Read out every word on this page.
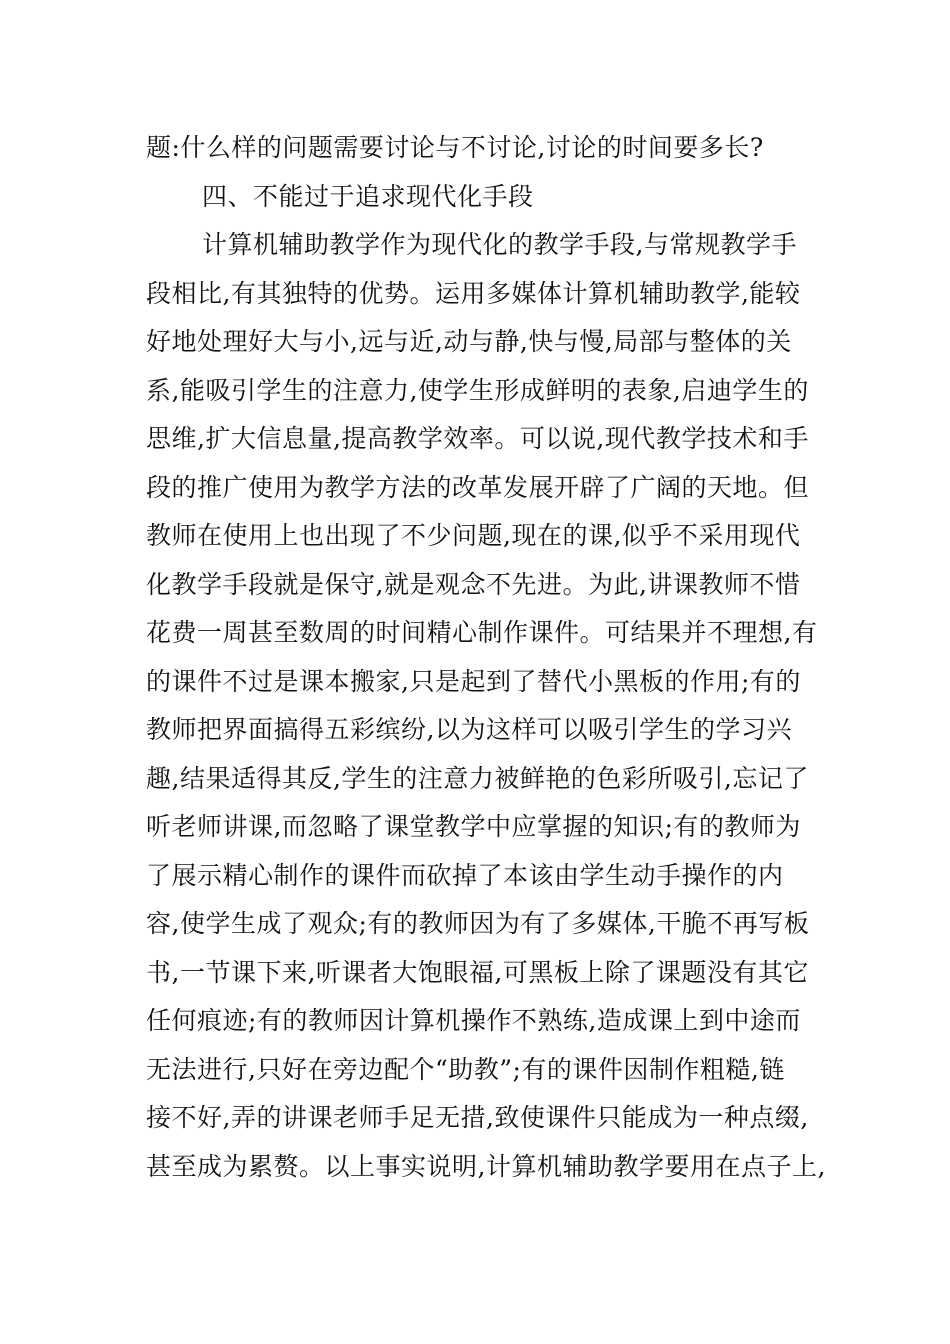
题:什么样的问题需要讨论与不讨论,讨论的时间要多长?
四、不能过于追求现代化手段
计算机辅助教学作为现代化的教学手段,与常规教学手
段相比,有其独特的优势。运用多媒体计算机辅助教学,能较
好地处理好大与小,远与近,动与静,快与慢,局部与整体的关
系,能吸引学生的注意力,使学生形成鲜明的表象,启迪学生的
思维,扩大信息量,提高教学效率。可以说,现代教学技术和手
段的推广使用为教学方法的改革发展开辟了广阔的天地。但
教师在使用上也出现了不少问题,现在的课,似乎不采用现代
化教学手段就是保守,就是观念不先进。为此,讲课教师不惜
花费一周甚至数周的时间精心制作课件。可结果并不理想,有
的课件不过是课本搬家,只是起到了替代小黑板的作用;有的
教师把界面搞得五彩缤纷,以为这样可以吸引学生的学习兴
趣,结果适得其反,学生的注意力被鲜艳的色彩所吸引,忘记了
听老师讲课,而忽略了课堂教学中应掌握的知识;有的教师为
了展示精心制作的课件而砍掉了本该由学生动手操作的内
容,使学生成了观众;有的教师因为有了多媒体,干脆不再写板
书,一节课下来,听课者大饱眼福,可黑板上除了课题没有其它
任何痕迹;有的教师因计算机操作不熟练,造成课上到中途而
无法进行,只好在旁边配个“助教”;有的课件因制作粗糙,链
接不好,弄的讲课老师手足无措,致使课件只能成为一种点缀,
甚至成为累赘。以上事实说明,计算机辅助教学要用在点子上,
